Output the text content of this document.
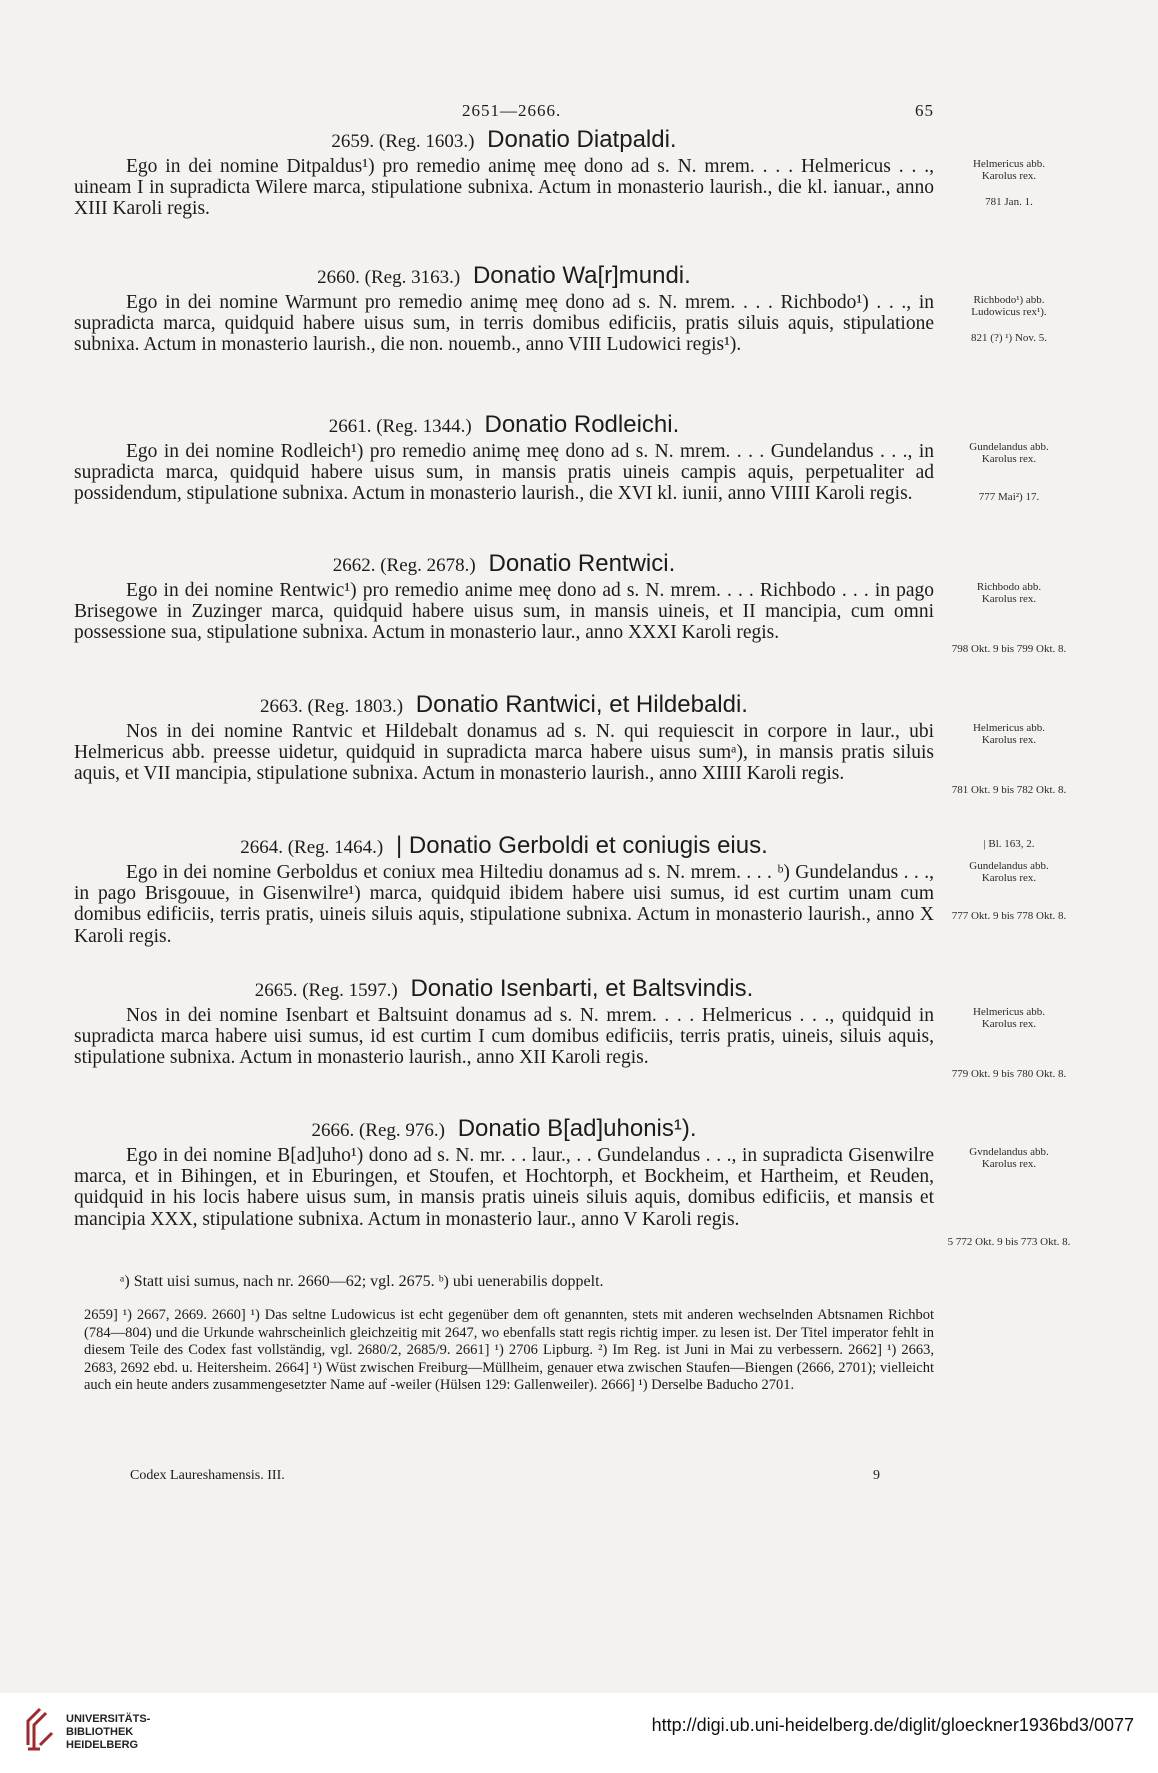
2651—2666.	65
2659. (Reg. 1603.) Donatio Diatpaldi.
Ego in dei nomine Ditpaldus¹) pro remedio animę meę dono ad s. N. mrem. . . . Helmericus . . ., uineam I in supradicta Wilere marca, stipulatione subnixa. Actum in monasterio laurish., die kl. ianuar., anno XIII Karoli regis.
Helmericus abb.
Karolus rex.
781 Jan. 1.
2660. (Reg. 3163.) Donatio Wa[r]mundi.
Ego in dei nomine Warmunt pro remedio animę meę dono ad s. N. mrem. . . . Richbodo¹) . . ., in supradicta marca, quidquid habere uisus sum, in terris domibus edificiis, pratis siluis aquis, stipulatione subnixa. Actum in monasterio laurish., die non. nouemb., anno VIII Ludowici regis¹).
Richbodo¹) abb.
Ludowicus rex¹).
821 (?) ¹) Nov. 5.
2661. (Reg. 1344.) Donatio Rodleichi.
Ego in dei nomine Rodleich¹) pro remedio animę meę dono ad s. N. mrem. . . . Gundelandus . . ., in supradicta marca, quidquid habere uisus sum, in mansis pratis uineis campis aquis, perpetualiter ad possidendum, stipulatione subnixa. Actum in monasterio laurish., die XVI kl. iunii, anno VIIII Karoli regis.
Gundelandus abb.
Karolus rex.
777 Mai²) 17.
2662. (Reg. 2678.) Donatio Rentwici.
Ego in dei nomine Rentwic¹) pro remedio anime meę dono ad s. N. mrem. . . . Richbodo . . . in pago Brisegowe in Zuzinger marca, quidquid habere uisus sum, in mansis uineis, et II mancipia, cum omni possessione sua, stipulatione subnixa. Actum in monasterio laur., anno XXXI Karoli regis.
Richbodo abb.
Karolus rex.
798 Okt. 9 bis 799 Okt. 8.
2663. (Reg. 1803.) Donatio Rantwici, et Hildebaldi.
Nos in dei nomine Rantvic et Hildebalt donamus ad s. N. qui requiescit in corpore in laur., ubi Helmericus abb. preesse uidetur, quidquid in supradicta marca habere uisus sumᵃ), in mansis pratis siluis aquis, et VII mancipia, stipulatione subnixa. Actum in monasterio laurish., anno XIIII Karoli regis.
Helmericus abb.
Karolus rex.
781 Okt. 9 bis 782 Okt. 8.
2664. (Reg. 1464.) | Donatio Gerboldi et coniugis eius.
Ego in dei nomine Gerboldus et coniux mea Hiltediu donamus ad s. N. mrem. . . . ᵇ) Gundelandus . . ., in pago Brisgouue, in Gisenwilre¹) marca, quidquid ibidem habere uisi sumus, id est curtim unam cum domibus edificiis, terris pratis, uineis siluis aquis, stipulatione subnixa. Actum in monasterio laurish., anno X Karoli regis.
| Bl. 163, 2.
Gundelandus abb.
Karolus rex.
777 Okt. 9 bis 778 Okt. 8.
2665. (Reg. 1597.) Donatio Isenbarti, et Baltsvindis.
Nos in dei nomine Isenbart et Baltsuint donamus ad s. N. mrem. . . . Helmericus . . ., quidquid in supradicta marca habere uisi sumus, id est curtim I cum domibus edificiis, terris pratis, uineis, siluis aquis, stipulatione subnixa. Actum in monasterio laurish., anno XII Karoli regis.
Helmericus abb.
Karolus rex.
779 Okt. 9 bis 780 Okt. 8.
2666. (Reg. 976.) Donatio B[ad]uhonis¹).
Ego in dei nomine B[ad]uho¹) dono ad s. N. mr. . . laur., . . Gundelandus . . ., in supradicta Gisenwilre marca, et in Bihingen, et in Eburingen, et Stoufen, et Hochtorph, et Bockheim, et Hartheim, et Reuden, quidquid in his locis habere uisus sum, in mansis pratis uineis siluis aquis, domibus edificiis, et mansis et mancipia XXX, stipulatione subnixa. Actum in monasterio laur., anno V Karoli regis.
Gvndelandus abb.
Karolus rex.
5 772 Okt. 9 bis 773 Okt. 8.
ᵃ) Statt uisi sumus, nach nr. 2660—62; vgl. 2675. ᵇ) ubi uenerabilis doppelt.
2659] ¹) 2667, 2669. 2660] ¹) Das seltne Ludowicus ist echt gegenüber dem oft genannten, stets mit anderen wechselnden Abtsnamen Richbot (784—804) und die Urkunde wahrscheinlich gleichzeitig mit 2647, wo ebenfalls statt regis richtig imper. zu lesen ist. Der Titel imperator fehlt in diesem Teile des Codex fast vollständig, vgl. 2680/2, 2685/9. 2661] ¹) 2706 Lipburg. ²) Im Reg. ist Juni in Mai zu verbessern. 2662] ¹) 2663, 2683, 2692 ebd. u. Heitersheim. 2664] ¹) Wüst zwischen Freiburg—Müllheim, genauer etwa zwischen Staufen—Biengen (2666, 2701); vielleicht auch ein heute anders zusammengesetzter Name auf -weiler (Hülsen 129: Gallenweiler). 2666] ¹) Derselbe Baducho 2701.
Codex Laureshamensis. III.	9
UNIVERSITÄTS-
BIBLIOTHEK
HEIDELBERG
http://digi.ub.uni-heidelberg.de/diglit/gloeckner1936bd3/0077
